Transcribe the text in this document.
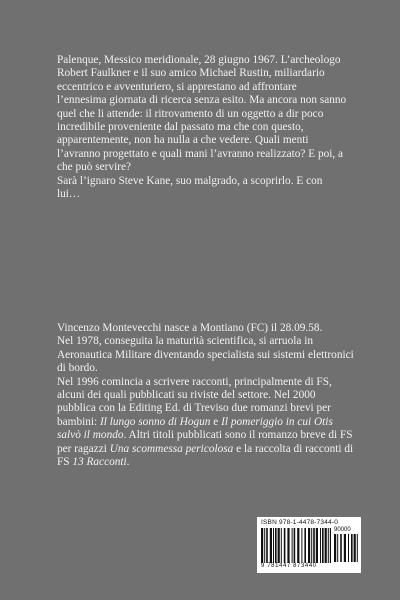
Palenque, Messico meridionale, 28 giugno 1967. L’archeologo Robert Faulkner e il suo amico Michael Rustin, miliardario eccentrico e avventuriero, si apprestano ad affrontare l’ennesima giornata di ricerca senza esito. Ma ancora non sanno quel che li attende: il ritrovamento di un oggetto a dir poco incredibile proveniente dal passato ma che con questo, apparentemente, non ha nulla a che vedere. Quali menti l’avranno progettato e quali mani l’avranno realizzato? E poi, a che può servire?

Sarà l’ignaro Steve Kane, suo malgrado, a scoprirlo. E con lui…

Vincenzo Montevecchi nasce a Montiano (FC) il 28.09.58.

Nel 1978, conseguita la maturità scientifica, si arruola in Aeronautica Militare diventando specialista sui sistemi elettronici di bordo.

Nel 1996 comincia a scrivere racconti, principalmente di FS, alcuni dei quali pubblicati su riviste del settore. Nel 2000 pubblica con la Editing Ed. di Treviso due romanzi brevi per bambini: Il lungo sonno di Hogun e Il pomeriggio in cui Otis salvò il mondo. Altri titoli pubblicati sono il romanzo breve di FS per ragazzi Una scommessa pericolosa e la raccolta di racconti di FS 13 Racconti.

ISBN 978-1-4478-7344-0
90000
9 781447 873440
